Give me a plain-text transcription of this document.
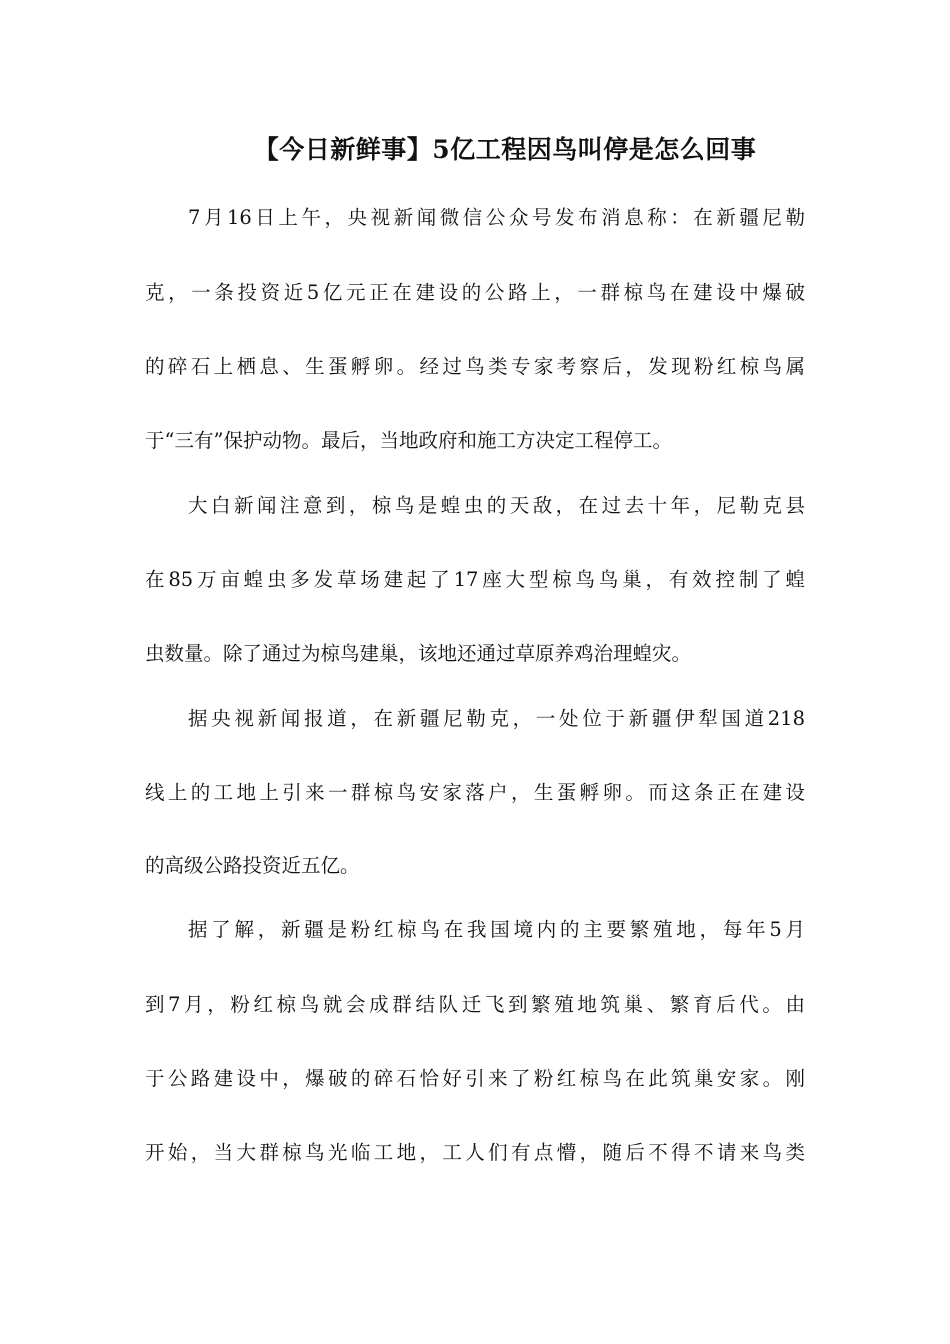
【今日新鲜事】5亿工程因鸟叫停是怎么回事
7月16日上午，央视新闻微信公众号发布消息称：在新疆尼勒
克，一条投资近5亿元正在建设的公路上，一群椋鸟在建设中爆破
的碎石上栖息、生蛋孵卵。经过鸟类专家考察后，发现粉红椋鸟属
于“三有”保护动物。最后，当地政府和施工方决定工程停工。
大白新闻注意到，椋鸟是蝗虫的天敌，在过去十年，尼勒克县
在85万亩蝗虫多发草场建起了17座大型椋鸟鸟巢，有效控制了蝗
虫数量。除了通过为椋鸟建巢，该地还通过草原养鸡治理蝗灾。
据央视新闻报道，在新疆尼勒克，一处位于新疆伊犁国道218
线上的工地上引来一群椋鸟安家落户，生蛋孵卵。而这条正在建设
的高级公路投资近五亿。
据了解，新疆是粉红椋鸟在我国境内的主要繁殖地，每年5月
到7月，粉红椋鸟就会成群结队迁飞到繁殖地筑巢、繁育后代。由
于公路建设中，爆破的碎石恰好引来了粉红椋鸟在此筑巢安家。刚
开始，当大群椋鸟光临工地，工人们有点懵，随后不得不请来鸟类
